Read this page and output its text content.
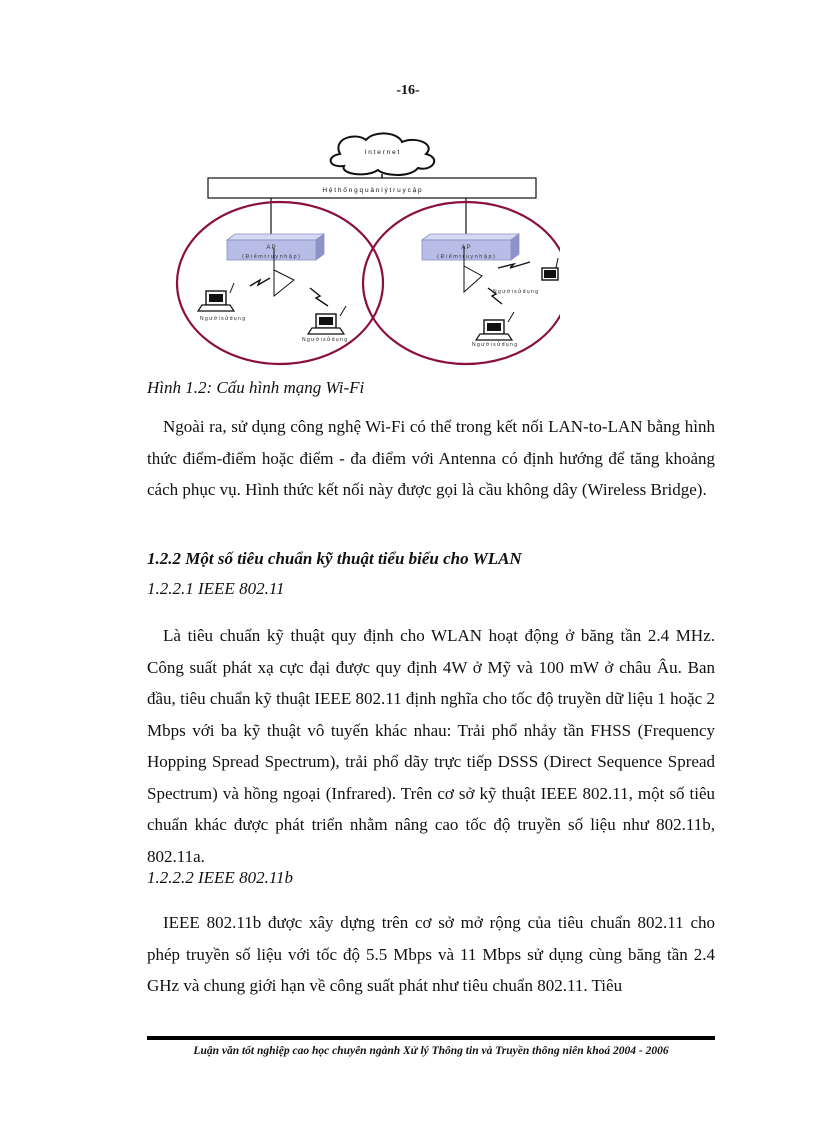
-16-
I n t e r n e t
H ệ t h ố n g q u ả n l ý t r u y c ậ p
A P
( Đ i ể m t r u y n h ậ p )
A P
( Đ i ể m t r u y n h ậ p )
N g ư ờ i s ử d ụ n g
N g ư ờ i s ử d ụ n g
N g ư ờ i s ử d ụ n g
N g ư ờ i s ử d ụ n g
Hình 1.2: Cấu hình mạng Wi-Fi

Ngoài ra, sử dụng công nghệ Wi-Fi có thể trong kết nối LAN-to-LAN bằng hình thức điểm-điểm hoặc điểm - đa điểm với Antenna có định hướng để tăng khoảng cách phục vụ. Hình thức kết nối này được gọi là cầu không dây (Wireless Bridge).

1.2.2 Một số tiêu chuẩn kỹ thuật tiểu biểu cho WLAN
1.2.2.1 IEEE 802.11

Là tiêu chuẩn kỹ thuật quy định cho WLAN hoạt động ở băng tần 2.4 MHz. Công suất phát xạ cực đại được quy định 4W ở Mỹ và 100 mW ở châu Âu. Ban đầu, tiêu chuẩn kỹ thuật IEEE 802.11 định nghĩa cho tốc độ truyền dữ liệu 1 hoặc 2 Mbps với ba kỹ thuật vô tuyến khác nhau: Trải phổ nhảy tần FHSS (Frequency Hopping Spread Spectrum), trải phổ dãy trực tiếp DSSS (Direct Sequence Spread Spectrum) và hồng ngoại (Infrared). Trên cơ sở kỹ thuật IEEE 802.11, một số tiêu chuẩn khác được phát triển nhằm nâng cao tốc độ truyền số liệu như 802.11b, 802.11a.

1.2.2.2 IEEE 802.11b

IEEE 802.11b được xây dựng trên cơ sở mở rộng của tiêu chuẩn 802.11 cho phép truyền số liệu với tốc độ 5.5 Mbps và 11 Mbps sử dụng cùng băng tần 2.4 GHz và chung giới hạn về công suất phát như tiêu chuẩn 802.11. Tiêu

Luận văn tốt nghiệp cao học chuyên ngành Xử lý Thông tin và Truyền thông niên khoá 2004 - 2006
